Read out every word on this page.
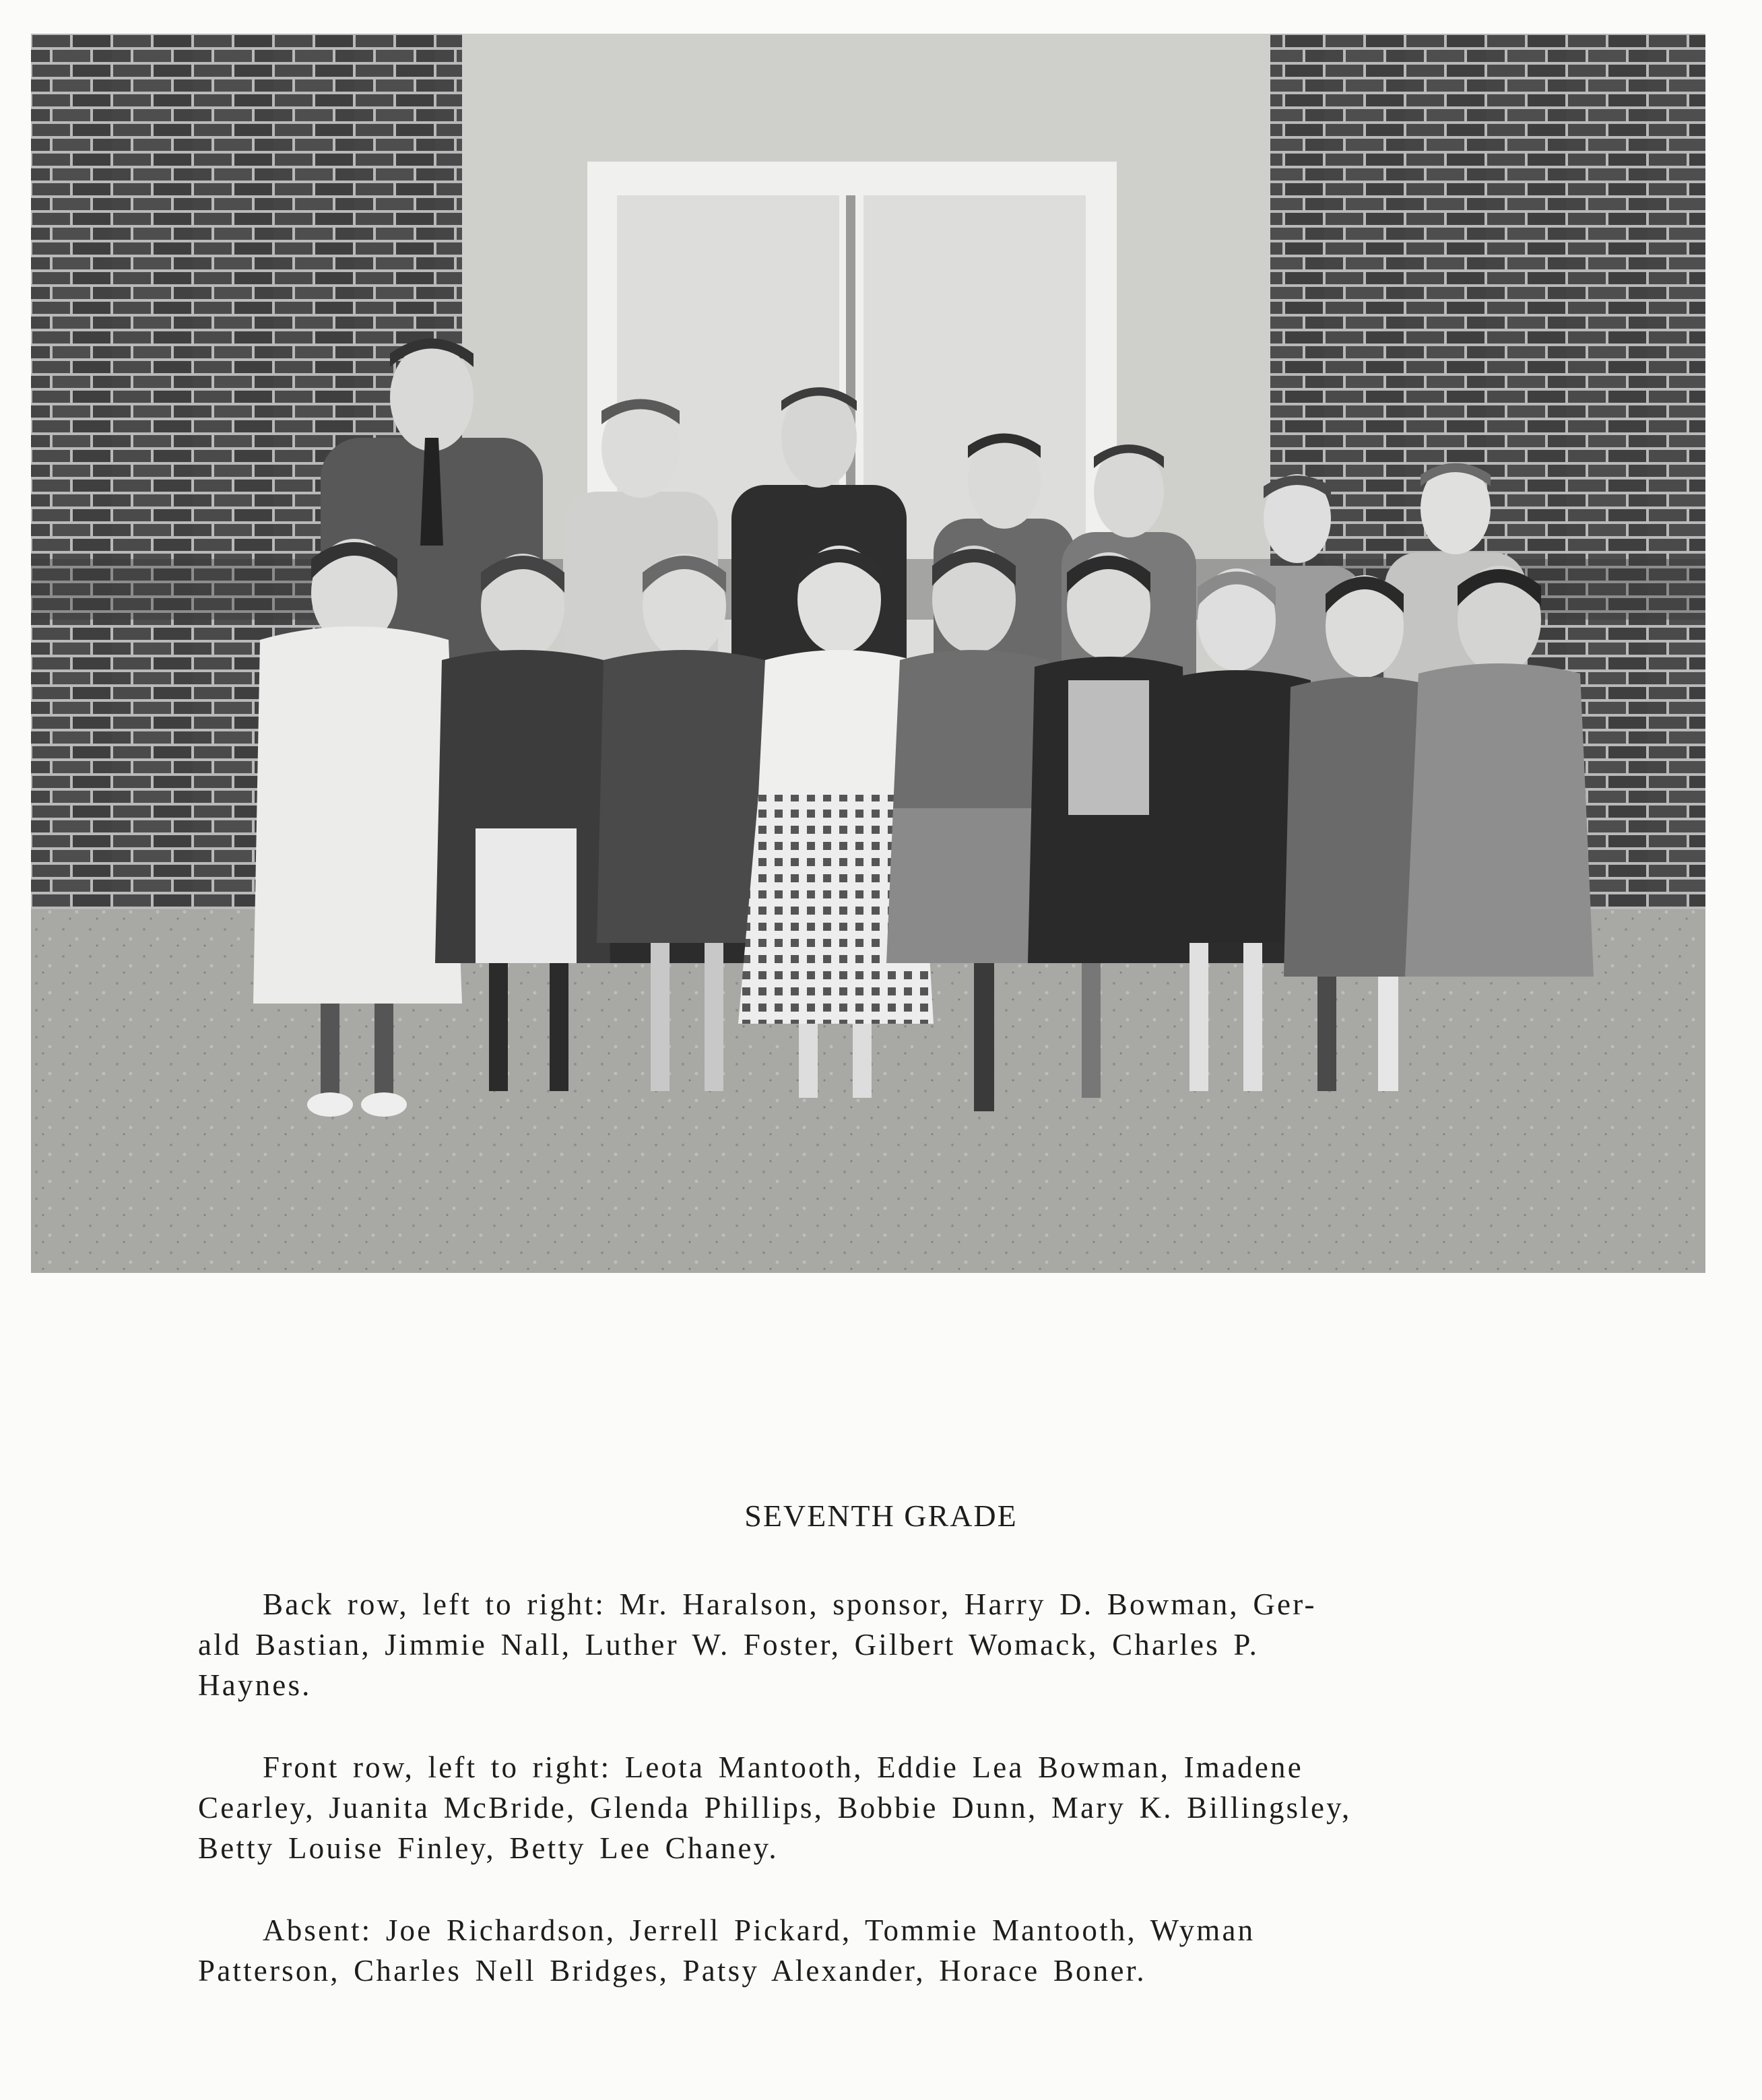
SEVENTH GRADE
Back row, left to right: Mr. Haralson, sponsor, Harry D. Bowman, Ger-
ald Bastian, Jimmie Nall, Luther W. Foster, Gilbert Womack, Charles P.
Haynes.
Front row, left to right: Leota Mantooth, Eddie Lea Bowman, Imadene
Cearley, Juanita McBride, Glenda Phillips, Bobbie Dunn, Mary K. Billingsley,
Betty Louise Finley, Betty Lee Chaney.
Absent: Joe Richardson, Jerrell Pickard, Tommie Mantooth, Wyman
Patterson, Charles Nell Bridges, Patsy Alexander, Horace Boner.
